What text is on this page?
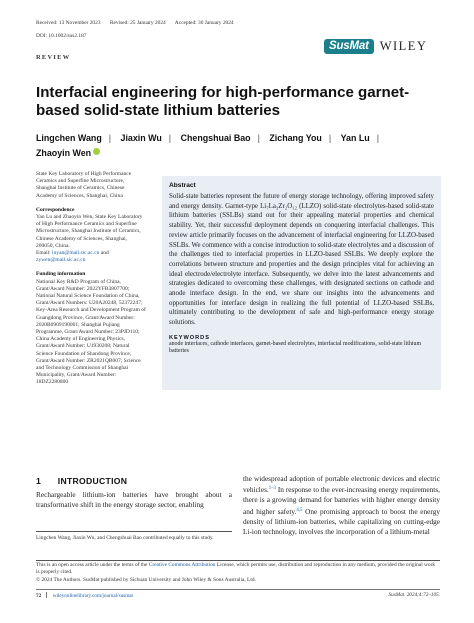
Received: 13 November 2023 Revised: 25 January 2024 Accepted: 30 January 2024
DOI: 10.1002/sus2.187
REVIEW
SusMat WILEY
Interfacial engineering for high-performance garnet-based solid-state lithium batteries
Lingchen Wang | Jiaxin Wu | Chengshuai Bao | Zichang You | Yan Lu |
Zhaoyin Wen
State Key Laboratory of High Performance Ceramics and Superfine Microstructure, Shanghai Institute of Ceramics, Chinese Academy of Sciences, Shanghai, China
Correspondence
Yan Lu and Zhaoyin Wen, State Key Laboratory of High Performance Ceramics and Superfine Microstructure, Shanghai Institute of Ceramics, Chinese Academy of Sciences, Shanghai, 200050, China.
Email: luyan@mail.sic.ac.cn and
zywen@mail.sic.ac.cn
Funding information
National Key R&D Program of China, Grant/Award Number: 2022YFB3807700; National Natural Science Foundation of China, Grant/Award Numbers: U20A20248, 52372247; Key-Area Research and Development Program of Guangdong Province, Grant/Award Number: 2020B0909190001; Shanghai Pujiang Programme, Grant/Award Number: 23PJD110; China Academy of Engineering Physics, Grant/Award Number: U1930208; Natural Science Foundation of Shandong Province, Grant/Award Number: ZR2021QB007; Science and Technology Commission of Shanghai Municipality, Grant/Award Number: 18DZ2280800
Abstract
Solid-state batteries represent the future of energy storage technology, offering improved safety and energy density. Garnet-type Li₇La₃Zr₂O₁₂ (LLZO) solid-state electrolytes-based solid-state lithium batteries (SSLBs) stand out for their appealing material properties and chemical stability. Yet, their successful deployment depends on conquering interfacial challenges. This review article primarily focuses on the advancement of interfacial engineering for LLZO-based SSLBs. We commence with a concise introduction to solid-state electrolytes and a discussion of the challenges tied to interfacial properties in LLZO-based SSLBs. We deeply explore the correlations between structure and properties and the design principles vital for achieving an ideal electrode/electrolyte interface. Subsequently, we delve into the latest advancements and strategies dedicated to overcoming these challenges, with designated sections on cathode and anode interface design. In the end, we share our insights into the advancements and opportunities for interface design in realizing the full potential of LLZO-based SSLBs, ultimately contributing to the development of safe and high-performance energy storage solutions.
KEYWORDS
anode interfaces, cathode interfaces, garnet-based electrolytes, interfacial modifications, solid-state lithium batteries
1 INTRODUCTION
Rechargeable lithium-ion batteries have brought about a transformative shift in the energy storage sector, enabling
the widespread adoption of portable electronic devices and electric vehicles.$^{1-3}$ In response to the ever-increasing energy requirements, there is a growing demand for batteries with higher energy density and higher safety.$^{4,5}$ One promising approach to boost the energy density of lithium-ion batteries, while capitalizing on cutting-edge Li-ion technology, involves the incorporation of a lithium-metal
Lingchen Wang, Jiaxin Wu, and Chengshuai Bao contributed equally to this study.
This is an open access article under the terms of the Creative Commons Attribution License, which permits use, distribution and reproduction in any medium, provided the original work is properly cited.
© 2024 The Authors. SusMat published by Sichuan University and John Wiley & Sons Australia, Ltd.
72 wileyonlinelibrary.com/journal/susmat	SusMat. 2024;4:72–105.
